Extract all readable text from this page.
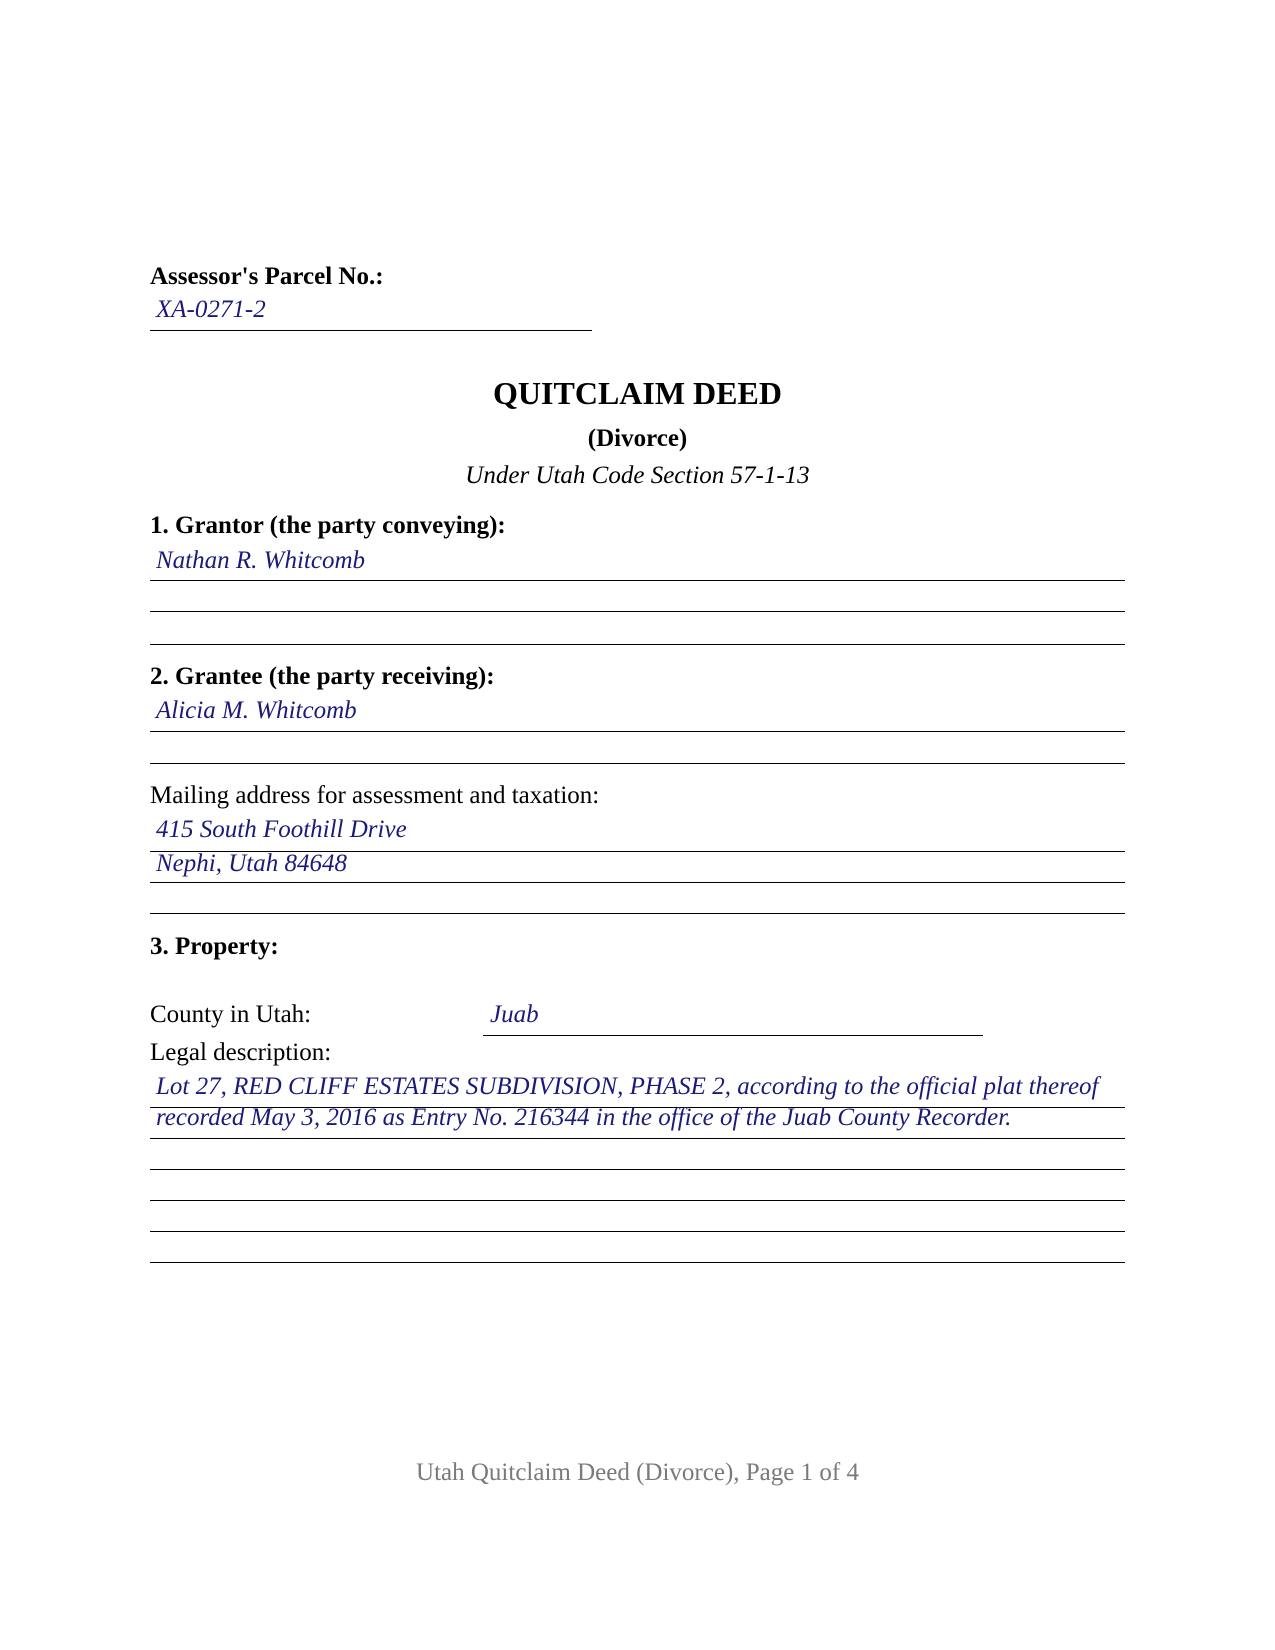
Assessor's Parcel No.:
XA-0271-2
QUITCLAIM DEED
(Divorce)
Under Utah Code Section 57-1-13
1. Grantor (the party conveying):
Nathan R. Whitcomb
2. Grantee (the party receiving):
Alicia M. Whitcomb
Mailing address for assessment and taxation:
415 South Foothill Drive
Nephi, Utah 84648
3. Property:
County in Utah:	Juab
Legal description:
Lot 27, RED CLIFF ESTATES SUBDIVISION, PHASE 2, according to the official plat thereof
recorded May 3, 2016 as Entry No. 216344 in the office of the Juab County Recorder.
Utah Quitclaim Deed (Divorce), Page 1 of 4
